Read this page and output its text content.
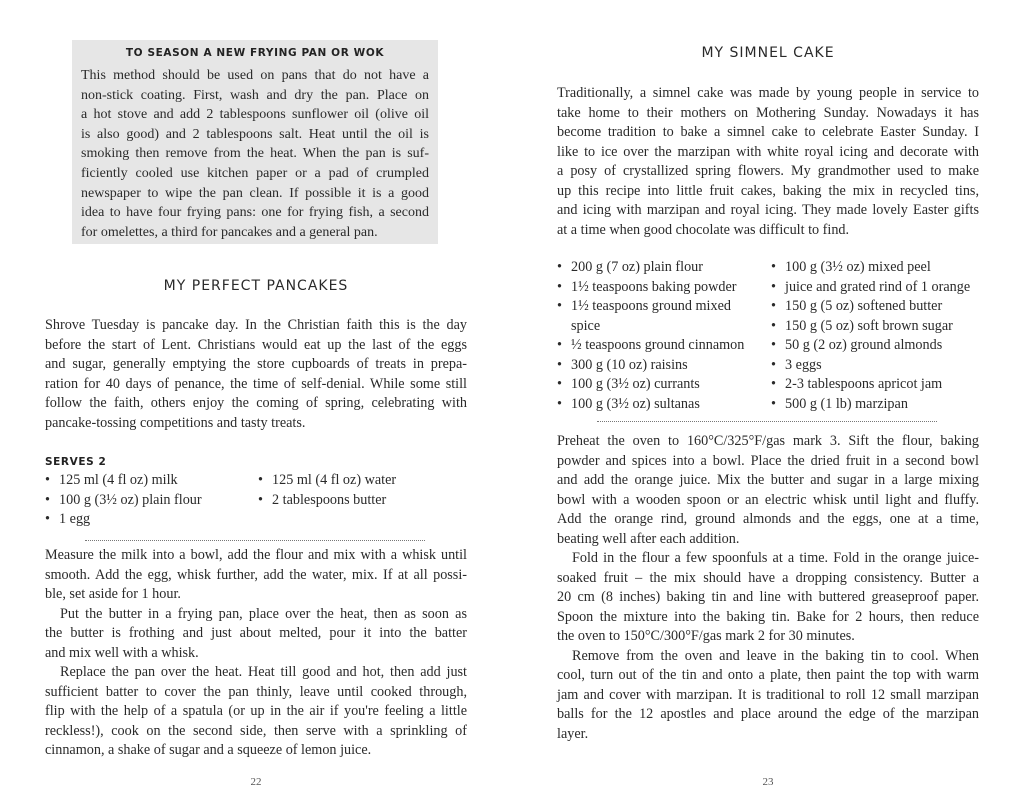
TO SEASON A NEW FRYING PAN OR WOK
This method should be used on pans that do not have a
non-stick coating. First, wash and dry the pan. Place on
a hot stove and add 2 tablespoons sunflower oil (olive oil
is also good) and 2 tablespoons salt. Heat until the oil is
smoking then remove from the heat. When the pan is suf-
ficiently cooled use kitchen paper or a pad of crumpled
newspaper to wipe the pan clean. If possible it is a good
idea to have four frying pans: one for frying fish, a second
for omelettes, a third for pancakes and a general pan.
MY PERFECT PANCAKES
Shrove Tuesday is pancake day. In the Christian faith this is the day
before the start of Lent. Christians would eat up the last of the eggs
and sugar, generally emptying the store cupboards of treats in prepa-
ration for 40 days of penance, the time of self-denial. While some still
follow the faith, others enjoy the coming of spring, celebrating with
pancake-tossing competitions and tasty treats.
SERVES 2
• 125 ml (4 fl oz) milk
• 100 g (3½ oz) plain flour
• 1 egg
• 125 ml (4 fl oz) water
• 2 tablespoons butter
Measure the milk into a bowl, add the flour and mix with a whisk until
smooth. Add the egg, whisk further, add the water, mix. If at all possi-
ble, set aside for 1 hour.
Put the butter in a frying pan, place over the heat, then as soon as
the butter is frothing and just about melted, pour it into the batter
and mix well with a whisk.
Replace the pan over the heat. Heat till good and hot, then add just
sufficient batter to cover the pan thinly, leave until cooked through,
flip with the help of a spatula (or up in the air if you're feeling a little
reckless!), cook on the second side, then serve with a sprinkling of
cinnamon, a shake of sugar and a squeeze of lemon juice.
22
MY SIMNEL CAKE
Traditionally, a simnel cake was made by young people in service to
take home to their mothers on Mothering Sunday. Nowadays it has
become tradition to bake a simnel cake to celebrate Easter Sunday. I
like to ice over the marzipan with white royal icing and decorate with
a posy of crystallized spring flowers. My grandmother used to make
up this recipe into little fruit cakes, baking the mix in recycled tins,
and icing with marzipan and royal icing. They made lovely Easter gifts
at a time when good chocolate was difficult to find.
• 200 g (7 oz) plain flour
• 1½ teaspoons baking powder
• 1½ teaspoons ground mixed
spice
• ½ teaspoons ground cinnamon
• 300 g (10 oz) raisins
• 100 g (3½ oz) currants
• 100 g (3½ oz) sultanas
• 100 g (3½ oz) mixed peel
• juice and grated rind of 1 orange
• 150 g (5 oz) softened butter
• 150 g (5 oz) soft brown sugar
• 50 g (2 oz) ground almonds
• 3 eggs
• 2-3 tablespoons apricot jam
• 500 g (1 lb) marzipan
Preheat the oven to 160°C/325°F/gas mark 3. Sift the flour, baking
powder and spices into a bowl. Place the dried fruit in a second bowl
and add the orange juice. Mix the butter and sugar in a large mixing
bowl with a wooden spoon or an electric whisk until light and fluffy.
Add the orange rind, ground almonds and the eggs, one at a time,
beating well after each addition.
Fold in the flour a few spoonfuls at a time. Fold in the orange juice-
soaked fruit – the mix should have a dropping consistency. Butter a
20 cm (8 inches) baking tin and line with buttered greaseproof paper.
Spoon the mixture into the baking tin. Bake for 2 hours, then reduce
the oven to 150°C/300°F/gas mark 2 for 30 minutes.
Remove from the oven and leave in the baking tin to cool. When
cool, turn out of the tin and onto a plate, then paint the top with warm
jam and cover with marzipan. It is traditional to roll 12 small marzipan
balls for the 12 apostles and place around the edge of the marzipan
layer.
23
